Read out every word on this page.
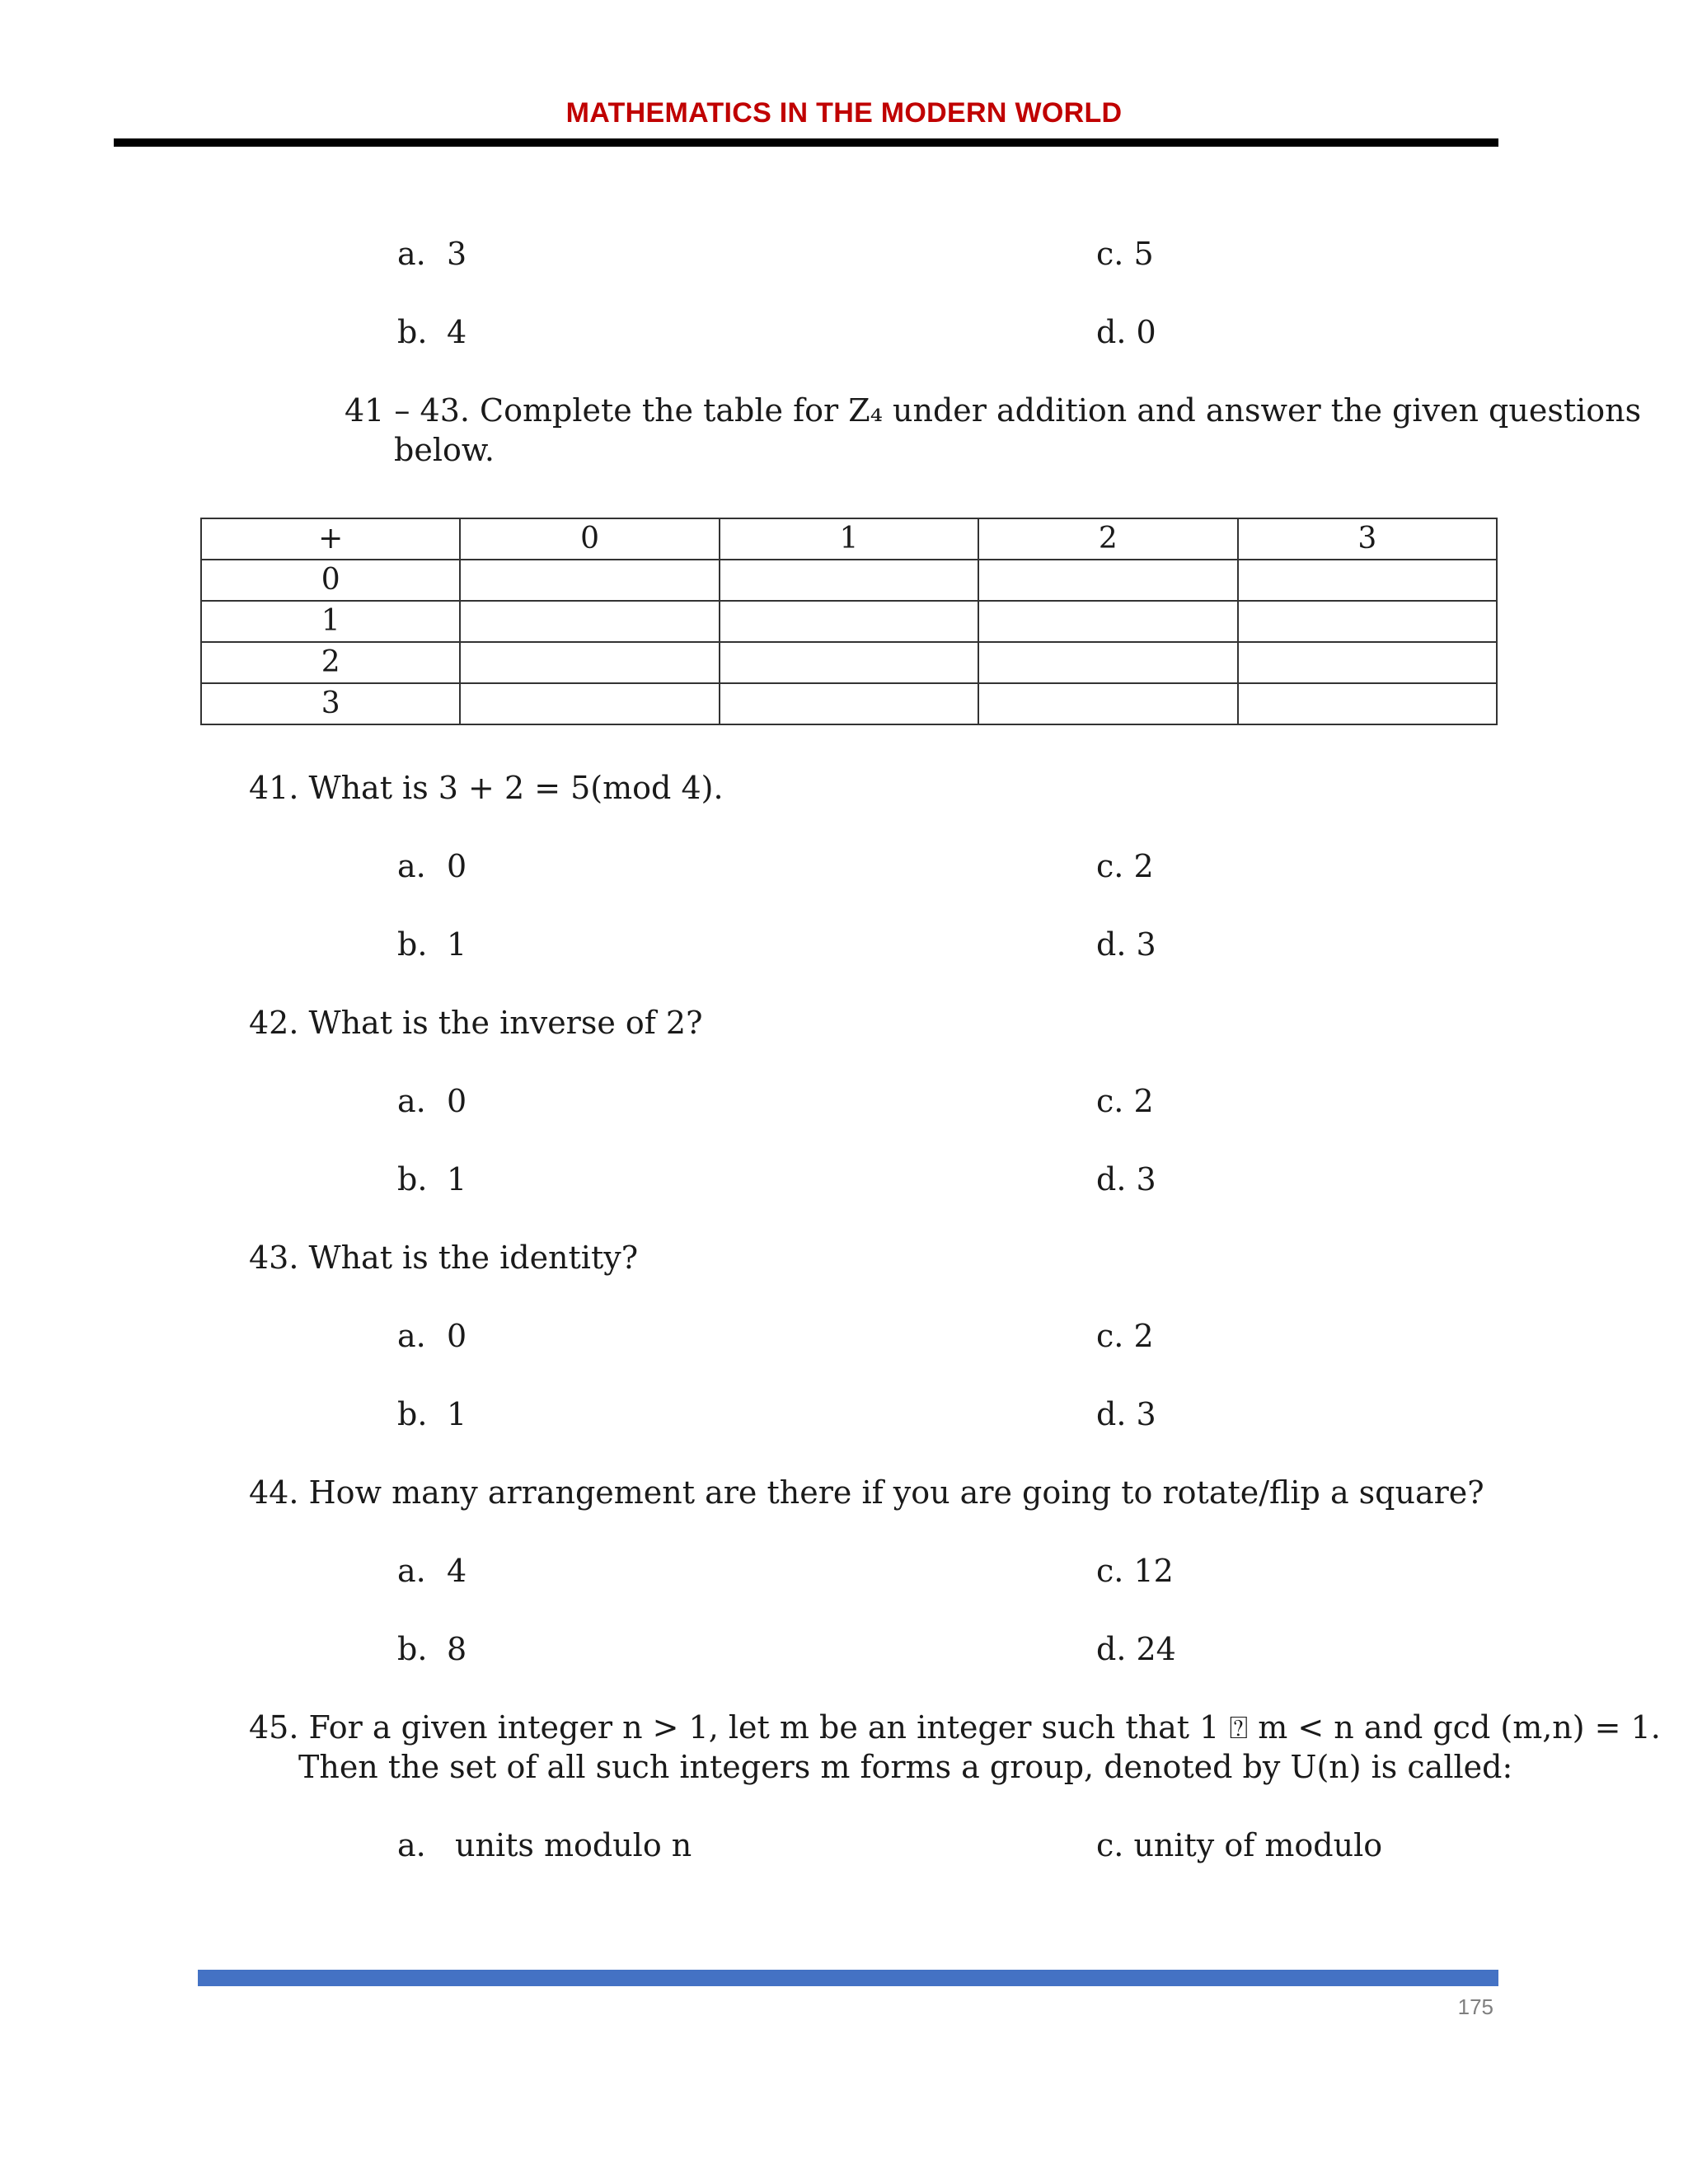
MATHEMATICS IN THE MODERN WORLD
a. 3	c. 5
b. 4	d. 0
41 – 43. Complete the table for Z₄ under addition and answer the given questions
below.
+	0	1	2	3
0				
1				
2				
3				
41. What is 3 + 2 = 5(mod 4).
a. 0	c. 2
b. 1	d. 3
42. What is the inverse of 2?
a. 0	c. 2
b. 1	d. 3
43. What is the identity?
a. 0	c. 2
b. 1	d. 3
44. How many arrangement are there if you are going to rotate/flip a square?
a. 4	c. 12
b. 8	d. 24
45. For a given integer n > 1, let m be an integer such that 1 ⍰ m < n and gcd (m,n) = 1.
Then the set of all such integers m forms a group, denoted by U(n) is called:
a. units modulo n	c. unity of modulo
175
